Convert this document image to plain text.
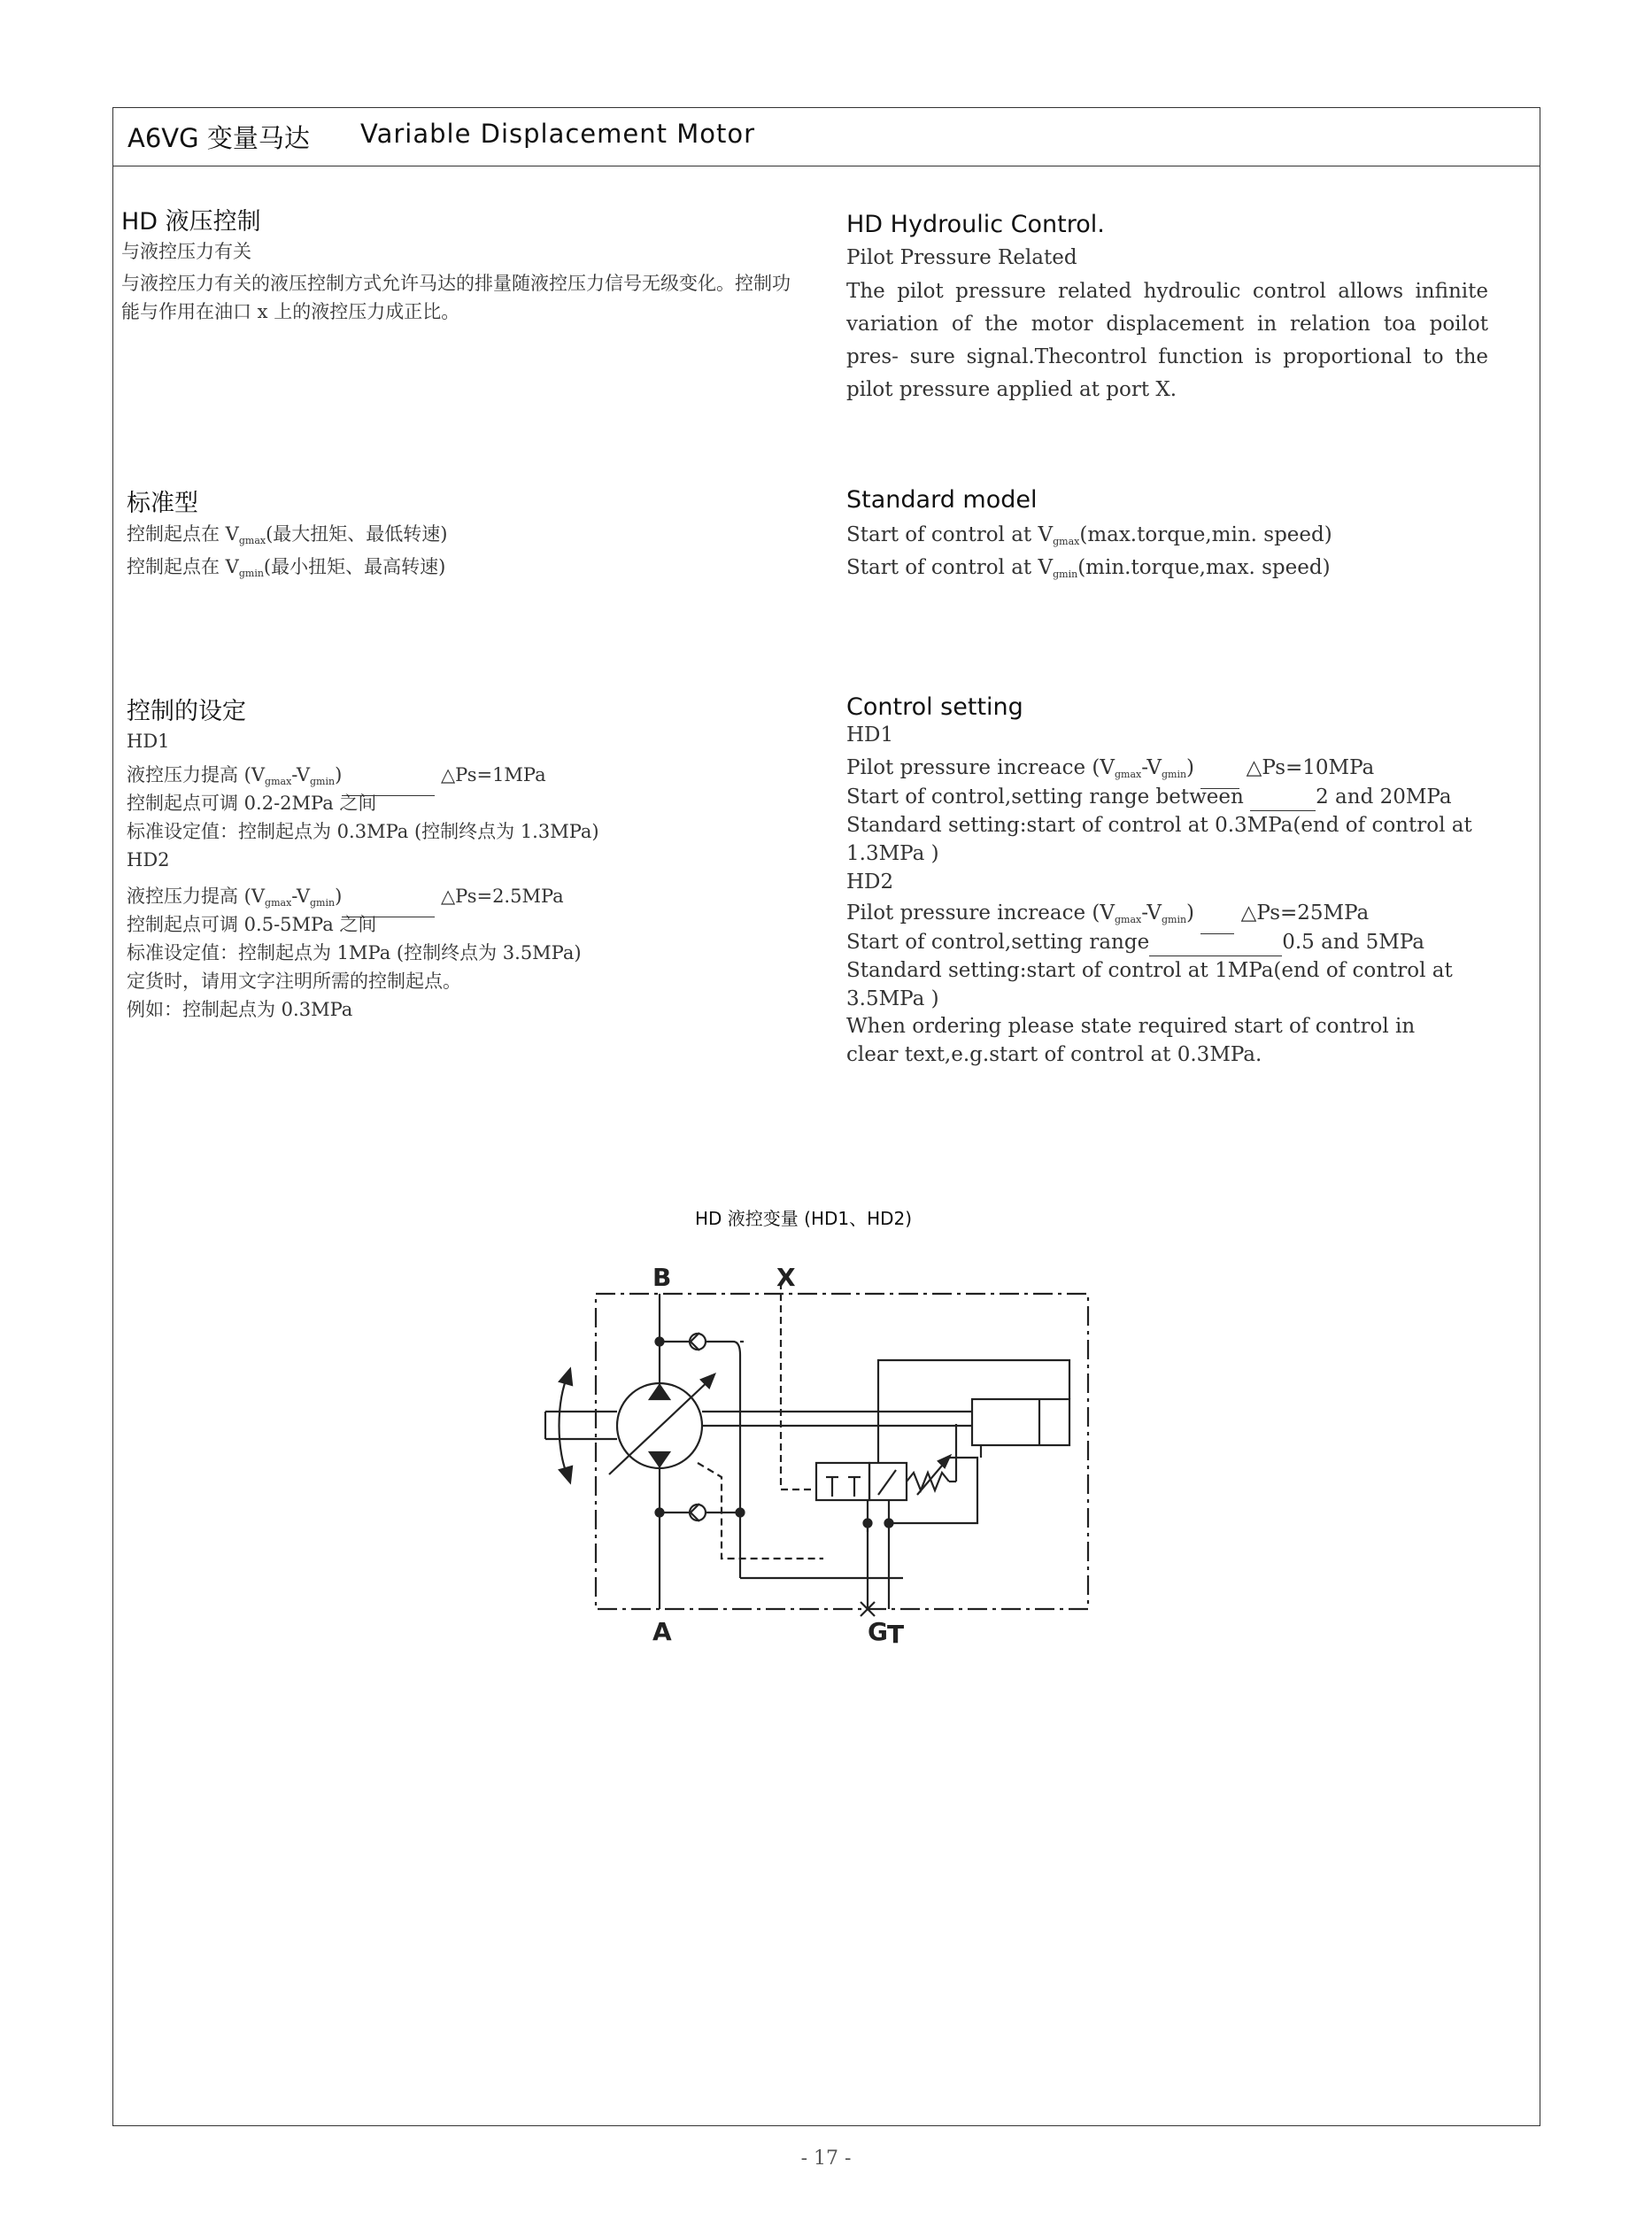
A6VG 变量马达 Variable Displacement Motor
HD 液压控制
与液控压力有关
与液控压力有关的液压控制方式允许马达的排量随液控压力信号无级变化。控制功能与作用在油口 x 上的液控压力成正比。
HD Hydroulic Control.
Pilot Pressure Related
The pilot pressure related hydroulic control allows infinite variation of the motor displacement in relation toa poilot pres- sure signal.Thecontrol function is proportional to the pilot pressure applied at port X.
标准型
控制起点在 $V_{gmax}$(最大扭矩、最低转速)
控制起点在 $V_{gmin}$(最小扭矩、最高转速)
Standard model
Start of control at $V_{gmax}(\max.torque,\min$. speed)
Start of control at $V_{gmin}(\min.torque,\max$. speed)
控制的设定
HD1
液控压力提高 $(V_{gmax}-V_{gmin})$	△Ps=1MPa
控制起点可调 0.2-2MPa 之间
标准设定值：控制起点为 0.3MPa (控制终点为 1.3MPa)
HD2
液控压力提高 $(V_{gmax}-V_{gmin})$	△Ps=2.5MPa
控制起点可调 0.5-5MPa 之间
标准设定值：控制起点为 1MPa (控制终点为 3.5MPa)
定货时，请用文字注明所需的控制起点。
例如：控制起点为 0.3MPa
Control setting
HD1
Pilot pressure increace $(V_{gmax}-V_{gmin})$	△Ps=10MPa
Start of control,setting range between	2 and 20MPa
Standard setting:start of control at 0.3MPa(end of control at 1.3MPa )
HD2
Pilot pressure increace $(V_{gmax}-V_{gmin})$ △Ps=25MPa
Start of control,setting range	0.5 and 5MPa
Standard setting:start of control at 1MPa(end of control at 3.5MPa )
When ordering please state required start of control in clear text,e.g.start of control at 0.3MPa.
HD 液控变量 (HD1、HD2)
B	X
A	G T
- 17 -
